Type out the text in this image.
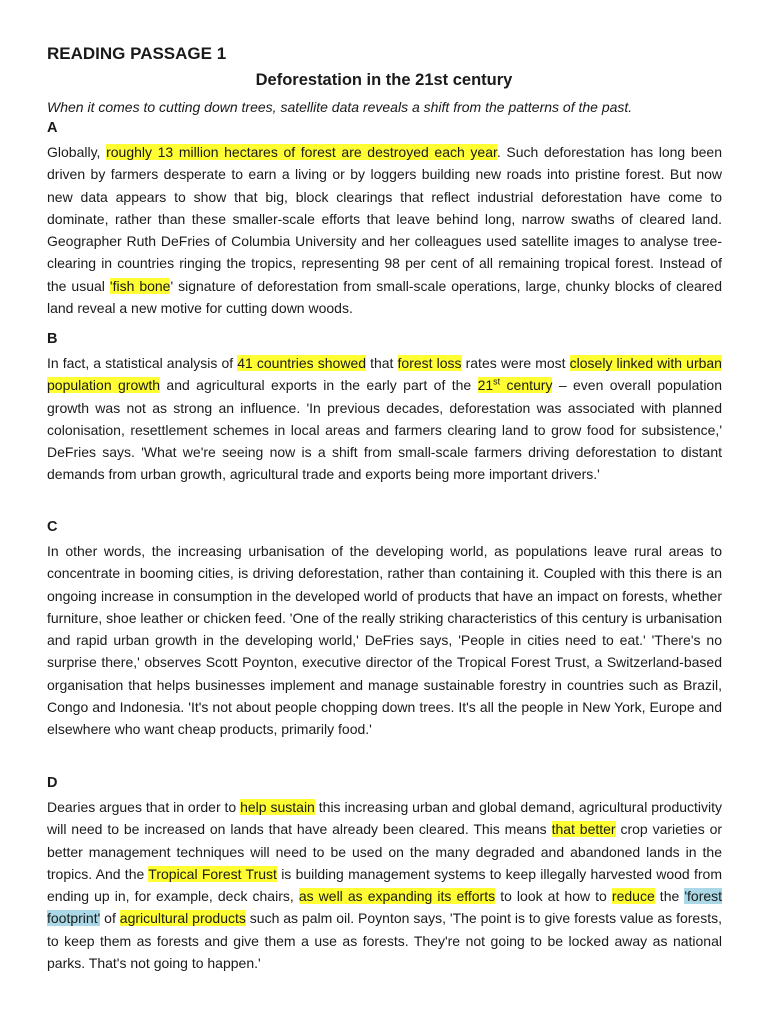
READING PASSAGE 1
Deforestation in the 21st century

When it comes to cutting down trees, satellite data reveals a shift from the patterns of the past.

A

Globally, roughly 13 million hectares of forest are destroyed each year. Such deforestation has long been driven by farmers desperate to earn a living or by loggers building new roads into pristine forest. But now new data appears to show that big, block clearings that reflect industrial deforestation have come to dominate, rather than these smaller-scale efforts that leave behind long, narrow swaths of cleared land. Geographer Ruth DeFries of Columbia University and her colleagues used satellite images to analyse tree-clearing in countries ringing the tropics, representing 98 per cent of all remaining tropical forest. Instead of the usual 'fish bone' signature of deforestation from small-scale operations, large, chunky blocks of cleared land reveal a new motive for cutting down woods.

B

In fact, a statistical analysis of 41 countries showed that forest loss rates were most closely linked with urban population growth and agricultural exports in the early part of the 21st century – even overall population growth was not as strong an influence. 'In previous decades, deforestation was associated with planned colonisation, resettlement schemes in local areas and farmers clearing land to grow food for subsistence,' DeFries says. 'What we're seeing now is a shift from small-scale farmers driving deforestation to distant demands from urban growth, agricultural trade and exports being more important drivers.'

C

In other words, the increasing urbanisation of the developing world, as populations leave rural areas to concentrate in booming cities, is driving deforestation, rather than containing it. Coupled with this there is an ongoing increase in consumption in the developed world of products that have an impact on forests, whether furniture, shoe leather or chicken feed. 'One of the really striking characteristics of this century is urbanisation and rapid urban growth in the developing world,' DeFries says, 'People in cities need to eat.' 'There's no surprise there,' observes Scott Poynton, executive director of the Tropical Forest Trust, a Switzerland-based organisation that helps businesses implement and manage sustainable forestry in countries such as Brazil, Congo and Indonesia. 'It's not about people chopping down trees. It's all the people in New York, Europe and elsewhere who want cheap products, primarily food.'

D

Dearies argues that in order to help sustain this increasing urban and global demand, agricultural productivity will need to be increased on lands that have already been cleared. This means that better crop varieties or better management techniques will need to be used on the many degraded and abandoned lands in the tropics. And the Tropical Forest Trust is building management systems to keep illegally harvested wood from ending up in, for example, deck chairs, as well as expanding its efforts to look at how to reduce the 'forest footprint' of agricultural products such as palm oil. Poynton says, 'The point is to give forests value as forests, to keep them as forests and give them a use as forests. They're not going to be locked away as national parks. That's not going to happen.'
